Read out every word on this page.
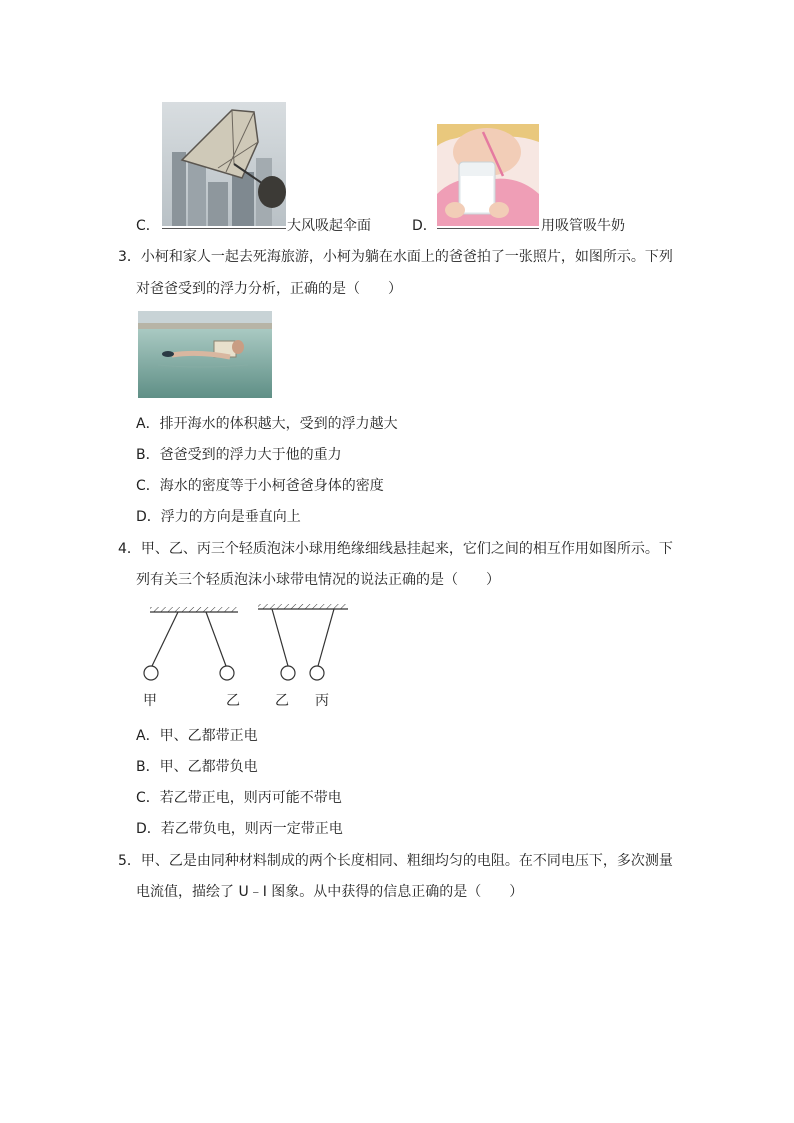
C．	大风吸起伞面	D．	用吸管吸牛奶
3．小柯和家人一起去死海旅游，小柯为躺在水面上的爸爸拍了一张照片，如图所示。下列
对爸爸受到的浮力分析，正确的是（　　）
A．排开海水的体积越大，受到的浮力越大
B．爸爸受到的浮力大于他的重力
C．海水的密度等于小柯爸爸身体的密度
D．浮力的方向是垂直向上
4．甲、乙、丙三个轻质泡沫小球用绝缘细线悬挂起来，它们之间的相互作用如图所示。下
列有关三个轻质泡沫小球带电情况的说法正确的是（　　）
甲	乙	乙 丙
A．甲、乙都带正电
B．甲、乙都带负电
C．若乙带正电，则丙可能不带电
D．若乙带负电，则丙一定带正电
5．甲、乙是由同种材料制成的两个长度相同、粗细均匀的电阻。在不同电压下，多次测量
电流值，描绘了 U﹣I 图象。从中获得的信息正确的是（　　）
